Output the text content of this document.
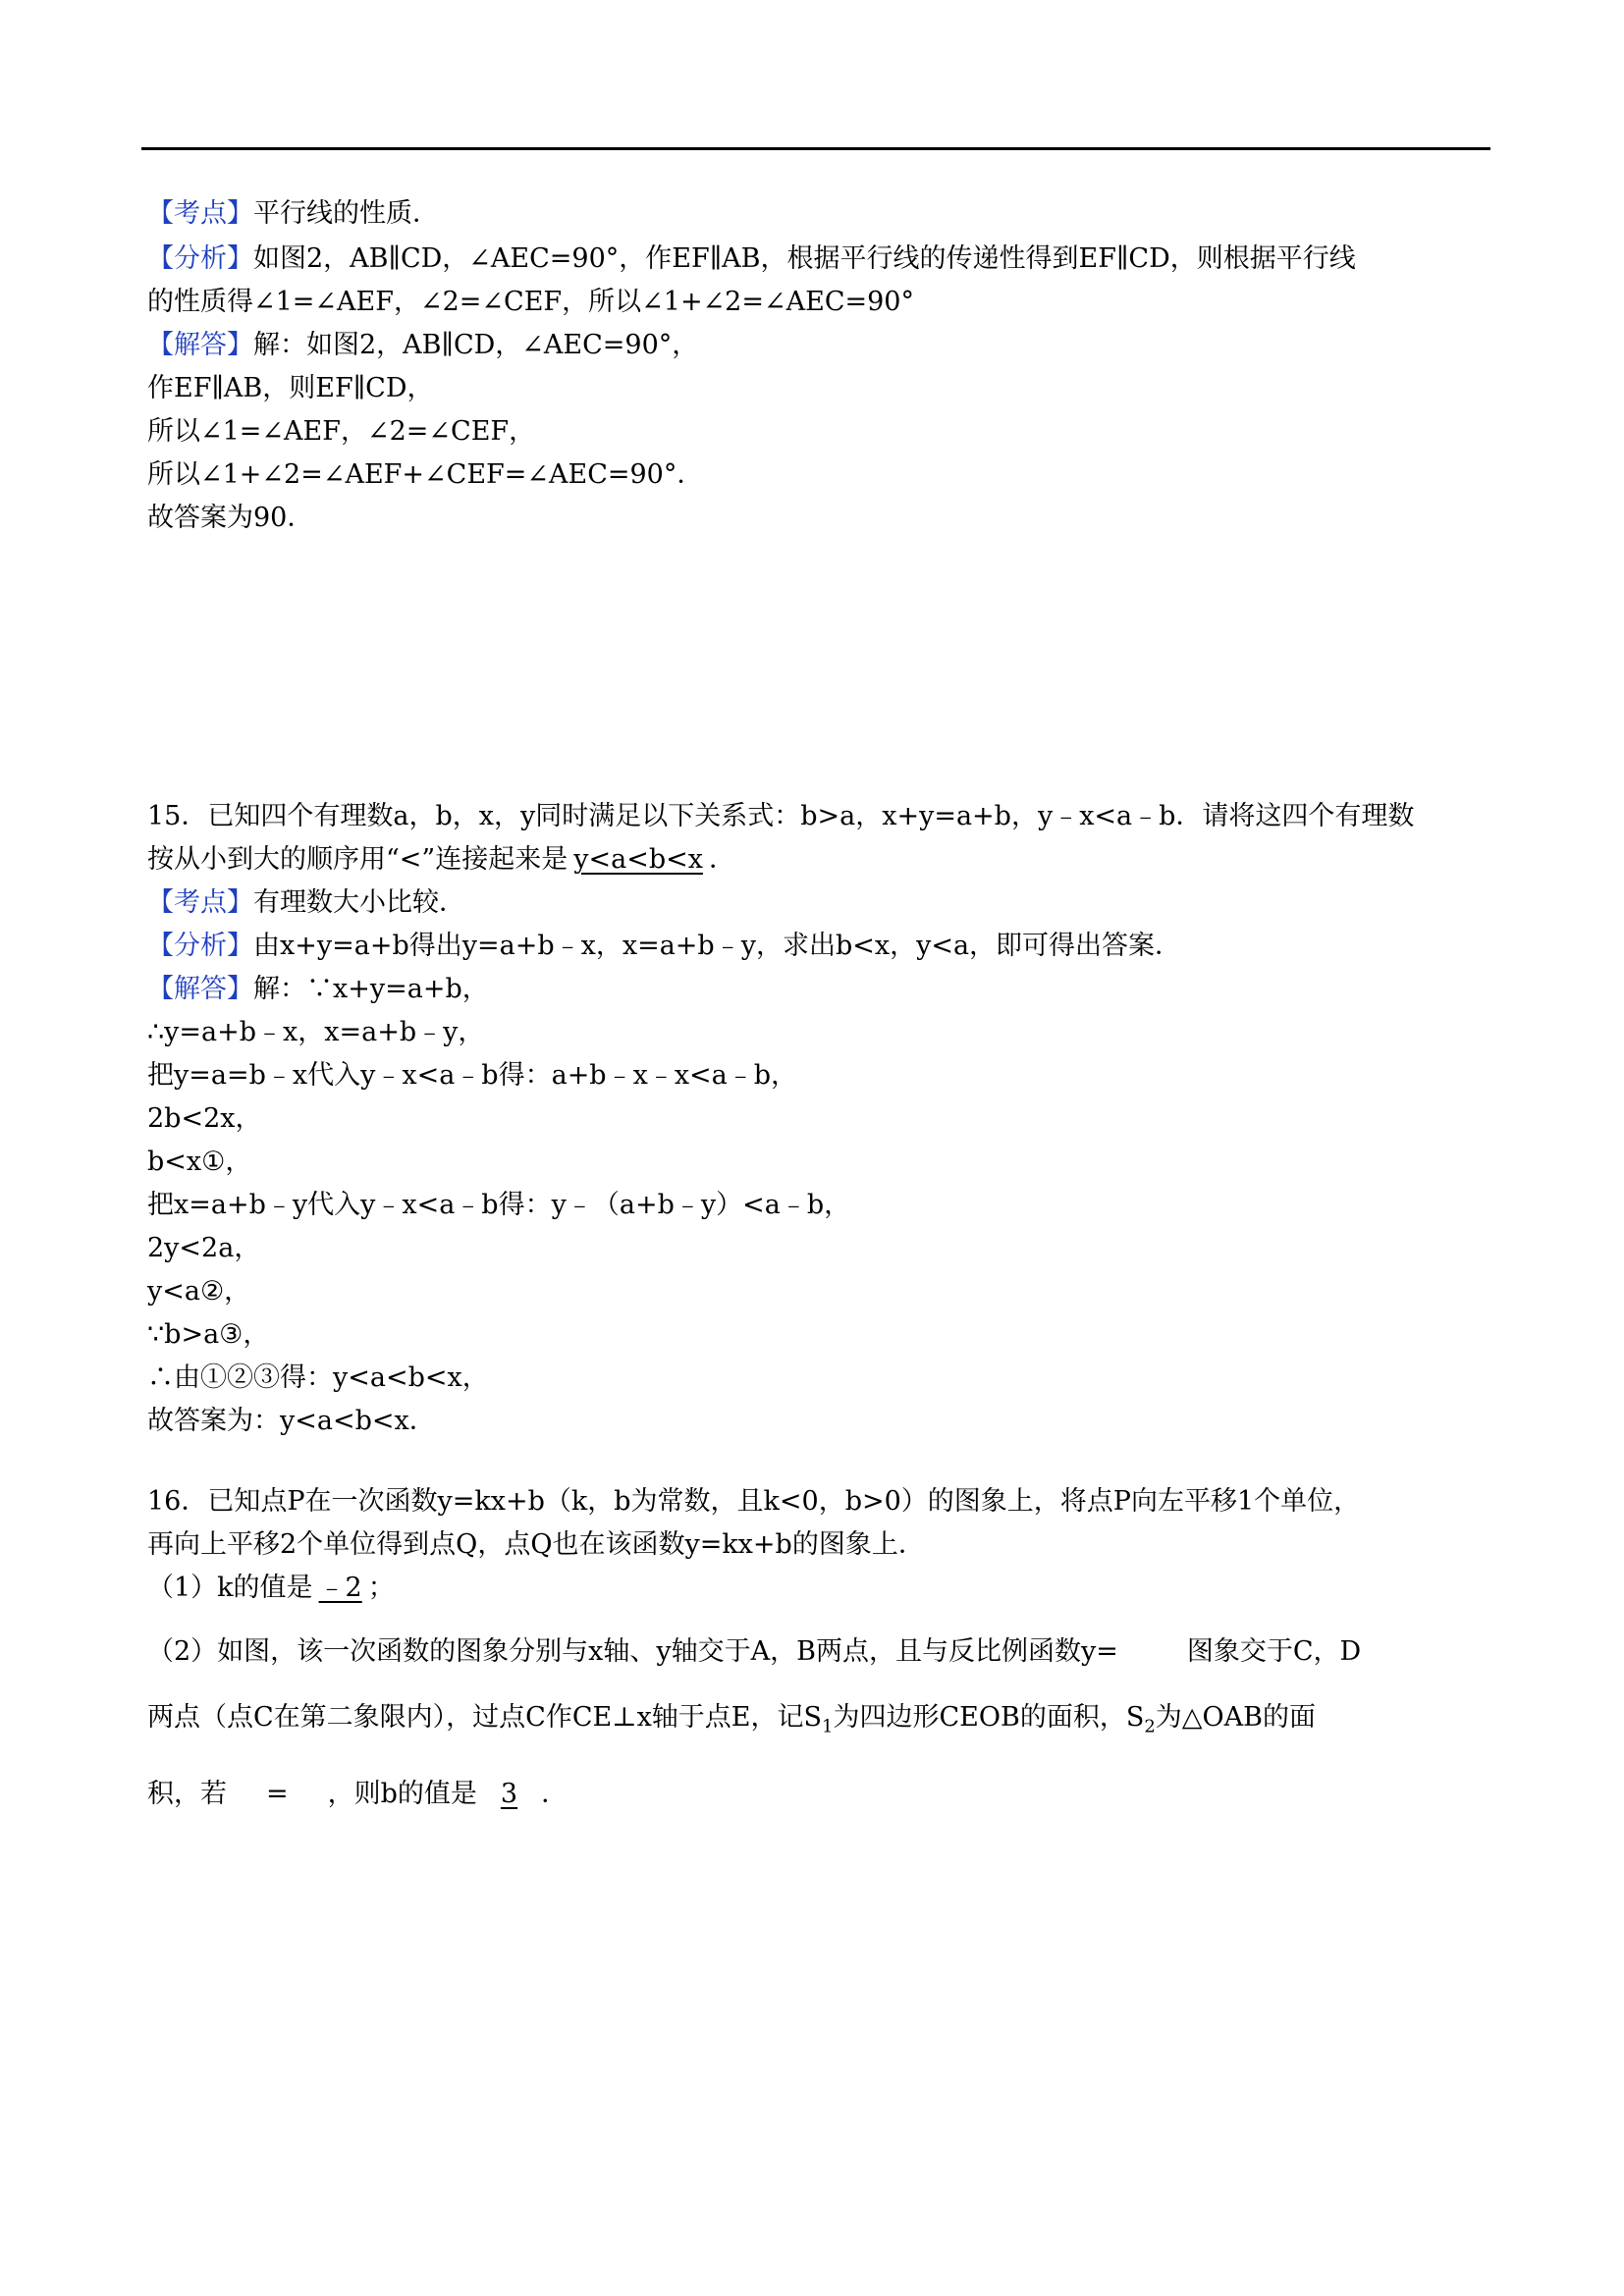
【考点】平行线的性质．
【分析】如图2，AB∥CD，∠AEC=90°，作EF∥AB，根据平行线的传递性得到EF∥CD，则根据平行线
的性质得∠1=∠AEF，∠2=∠CEF，所以∠1+∠2=∠AEC=90°
【解答】解：如图2，AB∥CD，∠AEC=90°，
作EF∥AB，则EF∥CD，
所以∠1=∠AEF，∠2=∠CEF，
所以∠1+∠2=∠AEF+∠CEF=∠AEC=90°．
故答案为90．
15．已知四个有理数a，b，x，y同时满足以下关系式：b>a，x+y=a+b，y﹣x<a﹣b．请将这四个有理数
按从小到大的顺序用“<”连接起来是 y<a<b<x ．
【考点】有理数大小比较．
【分析】由x+y=a+b得出y=a+b﹣x，x=a+b﹣y，求出b<x，y<a，即可得出答案．
【解答】解：∵x+y=a+b，
∴y=a+b﹣x，x=a+b﹣y，
把y=a=b﹣x代入y﹣x<a﹣b得：a+b﹣x﹣x<a﹣b，
2b<2x，
b<x①，
把x=a+b﹣y代入y﹣x<a﹣b得：y﹣（a+b﹣y）<a﹣b，
2y<2a，
y<a②，
∵b>a③，
∴由①②③得：y<a<b<x，
故答案为：y<a<b<x．
16．已知点P在一次函数y=kx+b（k，b为常数，且k<0，b>0）的图象上，将点P向左平移1个单位，
再向上平移2个单位得到点Q，点Q也在该函数y=kx+b的图象上．
（1）k的值是 ﹣2 ；
（2）如图，该一次函数的图象分别与x轴、y轴交于A，B两点，且与反比例函数y=	图象交于C，D
两点（点C在第二象限内），过点C作CE⊥x轴于点E，记$S_1$为四边形CEOB的面积，$S_2$为△OAB的面
积，若 = ，则b的值是 3 ．
